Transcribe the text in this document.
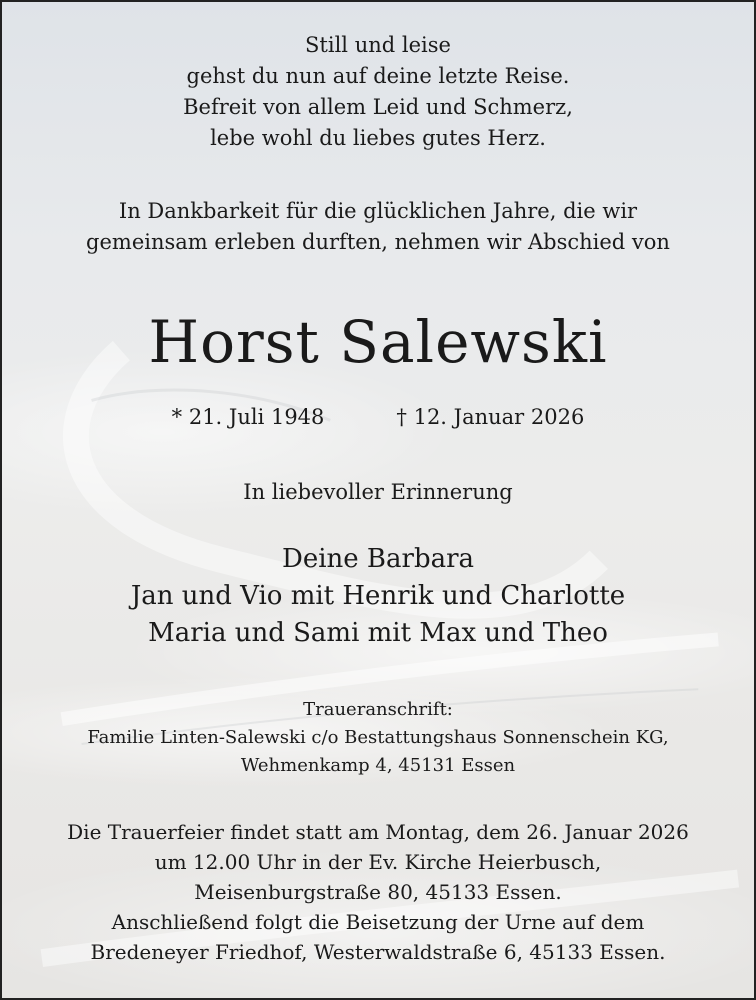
Still und leise
gehst du nun auf deine letzte Reise.
Befreit von allem Leid und Schmerz,
lebe wohl du liebes gutes Herz.
In Dankbarkeit für die glücklichen Jahre, die wir
gemeinsam erleben durften, nehmen wir Abschied von
Horst Salewski
* 21. Juli 1948	† 12. Januar 2026
In liebevoller Erinnerung
Deine Barbara
Jan und Vio mit Henrik und Charlotte
Maria und Sami mit Max und Theo
Traueranschrift:
Familie Linten-Salewski c/o Bestattungshaus Sonnenschein KG,
Wehmenkamp 4, 45131 Essen
Die Trauerfeier findet statt am Montag, dem 26. Januar 2026
um 12.00 Uhr in der Ev. Kirche Heierbusch,
Meisenburgstraße 80, 45133 Essen.
Anschließend folgt die Beisetzung der Urne auf dem
Bredeneyer Friedhof, Westerwaldstraße 6, 45133 Essen.
